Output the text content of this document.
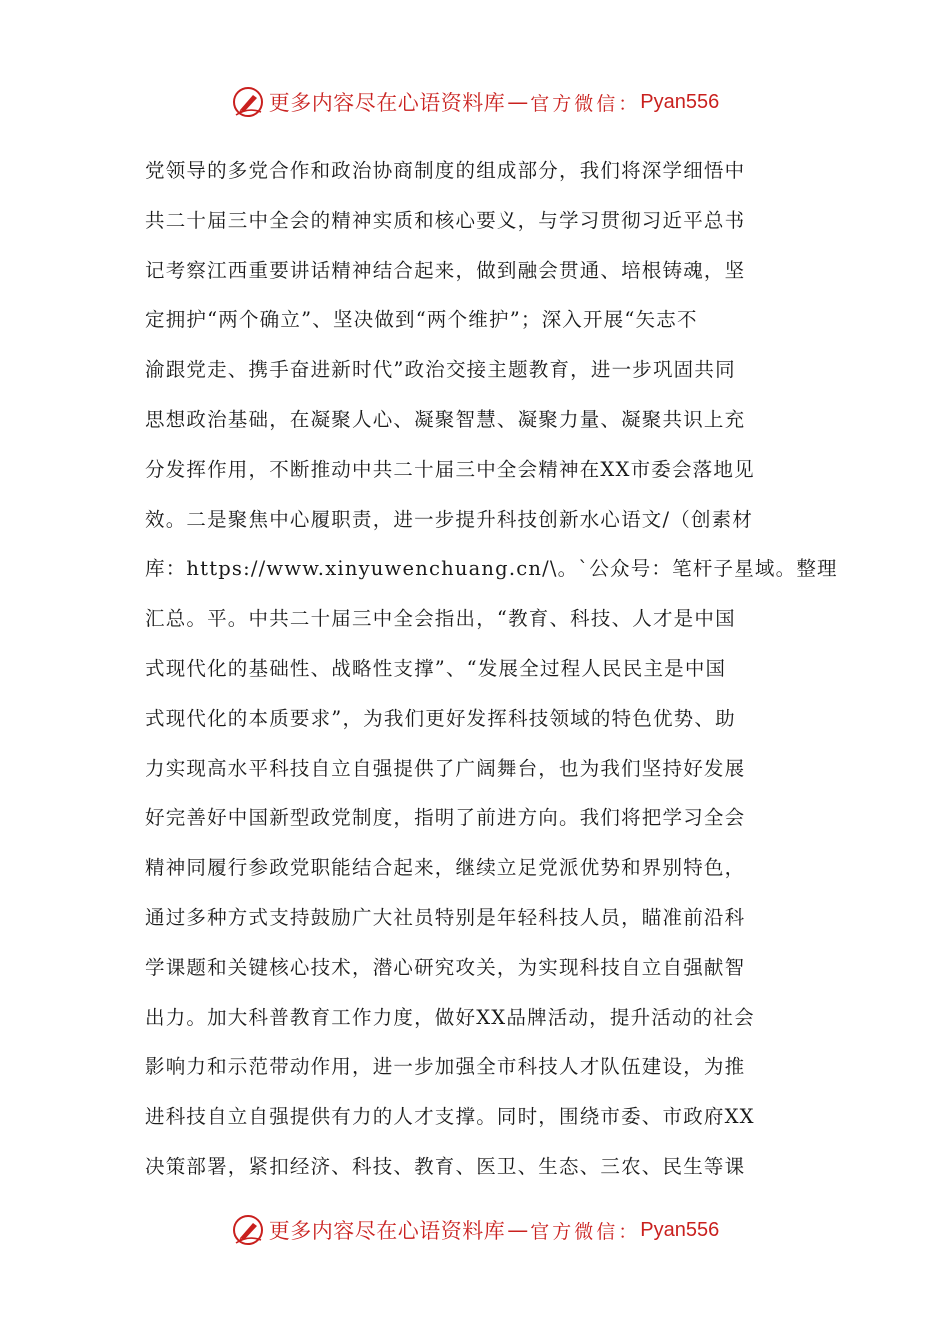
更多内容尽在心语资料库 — 官方微信： Pyan556
党领导的多党合作和政治协商制度的组成部分，我们将深学细悟中
共二十届三中全会的精神实质和核心要义，与学习贯彻习近平总书
记考察江西重要讲话精神结合起来，做到融会贯通、培根铸魂，坚
定拥护“两个确立”、坚决做到“两个维护”；深入开展“矢志不
渝跟党走、携手奋进新时代”政治交接主题教育，进一步巩固共同
思想政治基础，在凝聚人心、凝聚智慧、凝聚力量、凝聚共识上充
分发挥作用，不断推动中共二十届三中全会精神在XX市委会落地见
效。二是聚焦中心履职责，进一步提升科技创新水心语文/（创素材
库：https://www.xinyuwenchuang.cn/\。`公众号：笔杆子星域。整理
汇总。平。中共二十届三中全会指出，“教育、科技、人才是中国
式现代化的基础性、战略性支撑”、“发展全过程人民民主是中国
式现代化的本质要求”，为我们更好发挥科技领域的特色优势、助
力实现高水平科技自立自强提供了广阔舞台，也为我们坚持好发展
好完善好中国新型政党制度，指明了前进方向。我们将把学习全会
精神同履行参政党职能结合起来，继续立足党派优势和界别特色，
通过多种方式支持鼓励广大社员特别是年轻科技人员，瞄准前沿科
学课题和关键核心技术，潜心研究攻关，为实现科技自立自强献智
出力。加大科普教育工作力度，做好XX品牌活动，提升活动的社会
影响力和示范带动作用，进一步加强全市科技人才队伍建设，为推
进科技自立自强提供有力的人才支撑。同时，围绕市委、市政府XX
决策部署，紧扣经济、科技、教育、医卫、生态、三农、民生等课
更多内容尽在心语资料库 — 官方微信： Pyan556
